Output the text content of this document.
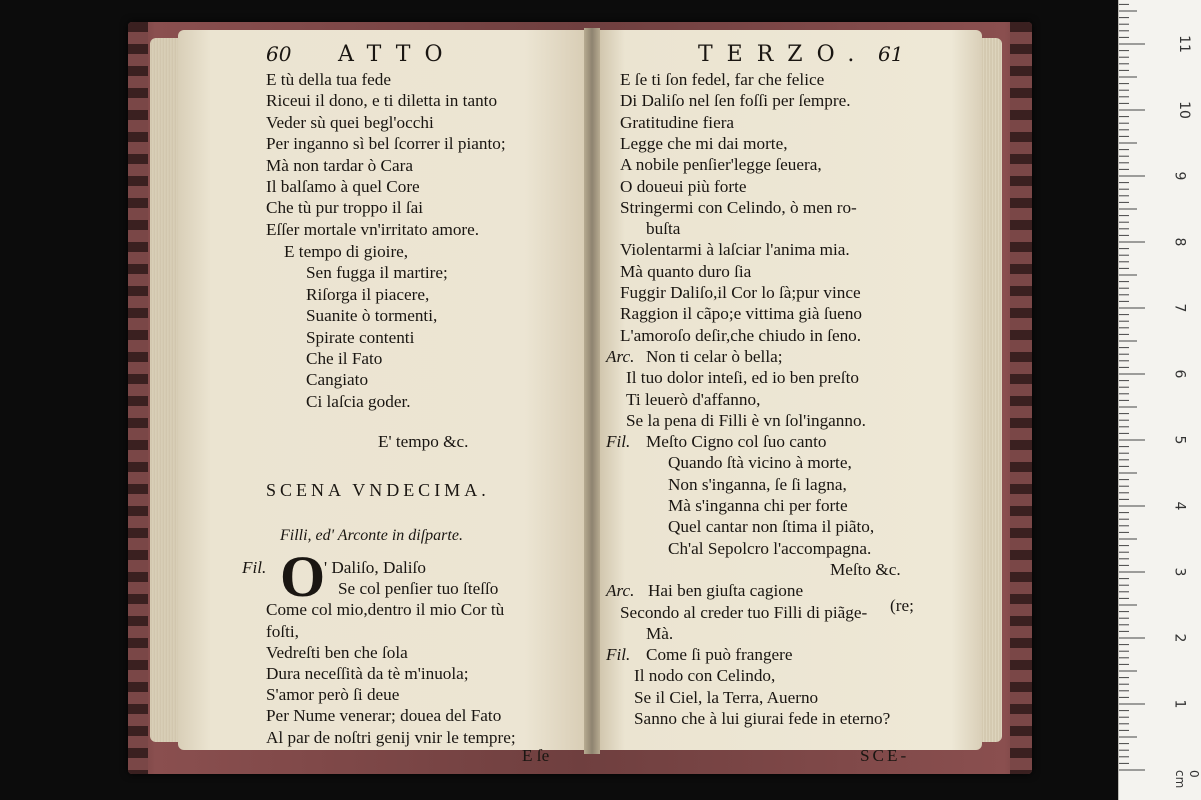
60 ATTO
E tù della tua fede
Riceui il dono, e ti diletta in tanto
Veder sù quei begl'occhi
Per inganno sì bel ſcorrer il pianto;
Mà non tardar ò Cara
Il balſamo à quel Core
Che tù pur troppo il ſai
Eſſer mortale vn'irritato amore.
E tempo di gioire,
Sen fugga il martire;
Riſorga il piacere,
Suanite ò tormenti,
Spirate contenti
Che il Fato
Cangiato
Ci laſcia goder.
E' tempo &c.
SCENA VNDECIMA.
Filli, ed' Arconte in diſparte.
Fil. O
' Daliſo, Daliſo
Se col penſier tuo ſteſſo
Come col mio,dentro il mio Cor tù
foſti,
Vedreſti ben che ſola
Dura neceſſità da tè m'inuola;
S'amor però ſi deue
Per Nume venerar; douea del Fato
Al par de noſtri genij vnir le tempre;
E ſe
TERZO. 61
E ſe ti ſon fedel, far che felice
Di Daliſo nel ſen foſſi per ſempre.
Gratitudine fiera
Legge che mi dai morte,
A nobile penſier'legge ſeuera,
O doueui più forte
Stringermi con Celindo, ò men ro-
buſta
Violentarmi à laſciar l'anima mia.
Mà quanto duro ſia
Fuggir Daliſo,il Cor lo ſà;pur vince
Raggion il cãpo;e vittima già ſueno
L'amoroſo deſir,che chiudo in ſeno.
Arc. Non ti celar ò bella;
Il tuo dolor inteſi, ed io ben preſto
Ti leuerò d'affanno,
Se la pena di Filli è vn ſol'inganno.
Fil. Meſto Cigno col ſuo canto
Quando ſtà vicino à morte,
Non s'inganna, ſe ſi lagna,
Mà s'inganna chi per forte
Quel cantar non ſtima il piãto,
Ch'al Sepolcro l'accompagna.
Meſto &c.
Arc. Hai ben giuſta cagione
Secondo al creder tuo Filli di piãge-
Mà.
Fil. Come ſi può frangere
Il nodo con Celindo,
Se il Ciel, la Terra, Auerno
Sanno che à lui giurai fede in eterno?
(re;
SCE-
1
2
3
4
5
6
7
8
9
10
11
0 cm
